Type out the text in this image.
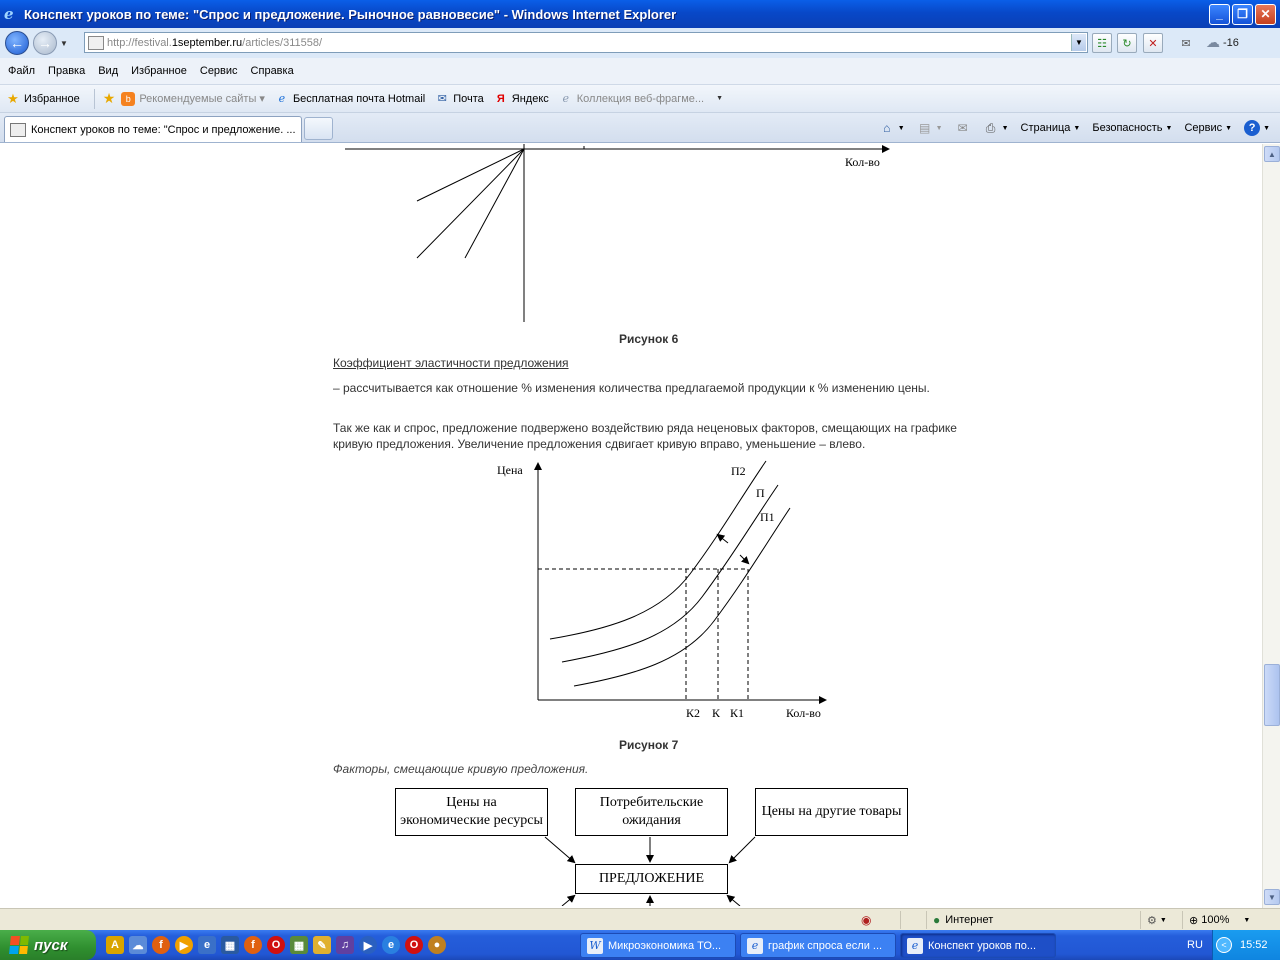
e Конспект уроков по теме: "Спрос и предложение. Рыночное равновесие" - Windows Internet Explorer	_	❐	✕
←	→	▼	http://festival.1september.ru/articles/311558/	▼	☷	↻	✕	✉	☁ -16
Файл Правка Вид Избранное Сервис Справка
★ Избранное ★	b Рекомендуемые сайты ▾	e Бесплатная почта Hotmail ✉ Почта Я Яндекс	e Коллекция веб-фрагме... ▼
Конспект уроков по теме: "Спрос и предложение. ...	⌂	▼ ▤ ▼ ✉ ⎙ ▼ Страница ▼ Безопасность ▼ Сервис ▼	?	▼
Кол-во
Рисунок 6
Коэффициент эластичности предложения
– рассчитывается как отношение % изменения количества предлагаемой продукции к % изменению цены.
Так же как и спрос, предложение подвержено воздействию ряда неценовых факторов, смещающих на графике кривую предложения. Увеличение предложения сдвигает кривую вправо, уменьшение – влево.
Цена
Кол-во
П2
П
П1
К2 К К1
Рисунок 7
Факторы, смещающие кривую предложения.
Цены на экономические ресурсы
Потребительские ожидания
Цены на другие товары
ПРЕДЛОЖЕНИЕ
▲
▼
◉	● Интернет	⚙ ▼ ⊕ 100% ▼
пуск	A	☁	f	▶	e	▦	f	O	▦	✎	♫	▶	e	O	●	W Микроэкономика ТО...	e график спроса если ...	e Конспект уроков по...	RU	<	15:52
